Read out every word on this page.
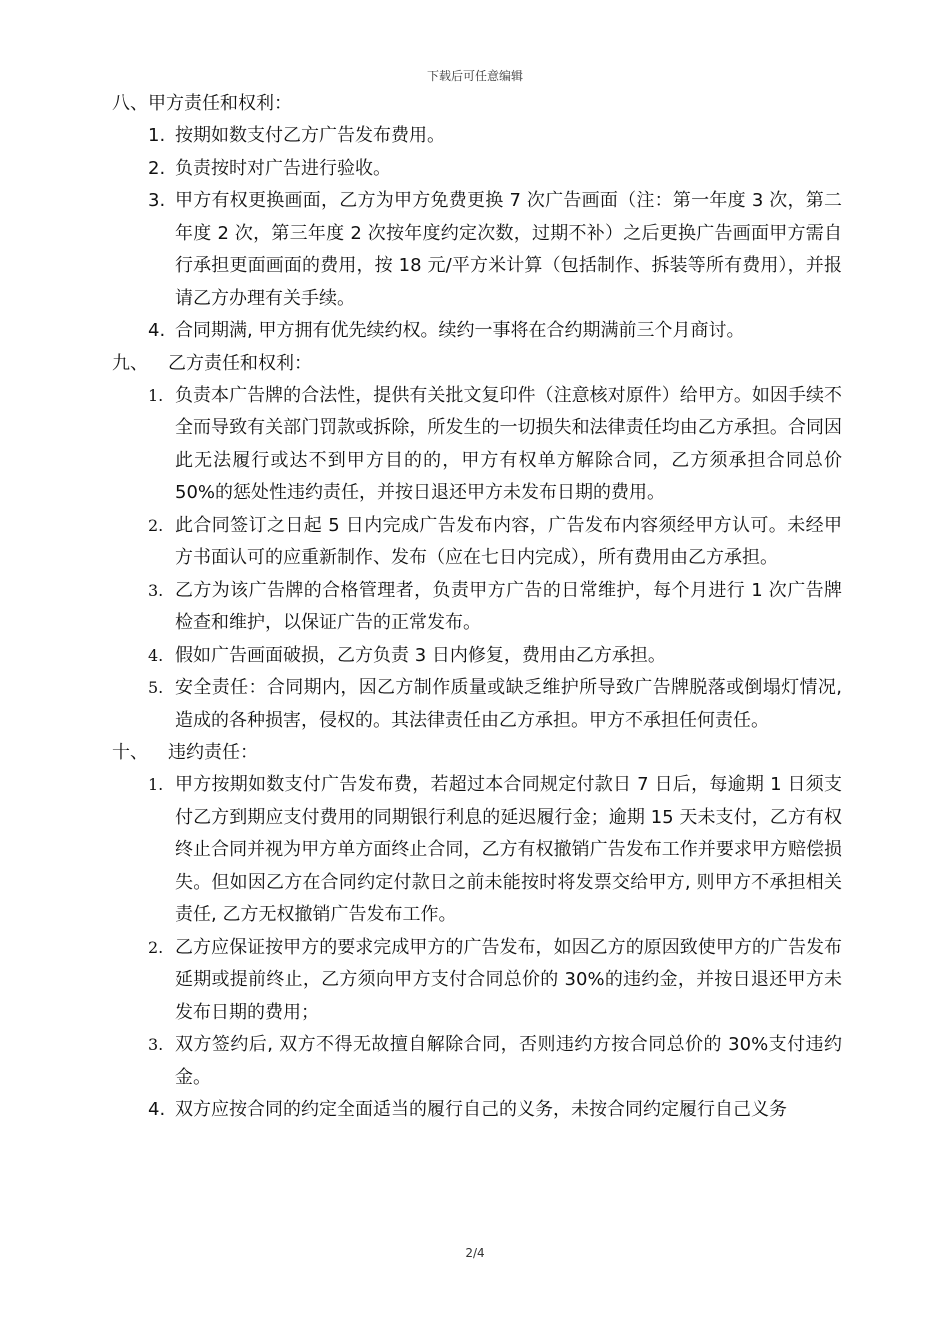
下载后可任意编辑
八、甲方责任和权利：
1. 按期如数支付乙方广告发布费用。
2. 负责按时对广告进行验收。
3. 甲方有权更换画面，乙方为甲方免费更换 7 次广告画面（注：第一年度 3 次，第二年度 2 次，第三年度 2 次按年度约定次数，过期不补）之后更换广告画面甲方需自行承担更面画面的费用，按 18 元/平方米计算（包括制作、拆装等所有费用），并报请乙方办理有关手续。
4. 合同期满, 甲方拥有优先续约权。续约一事将在合约期满前三个月商讨。
九、 乙方责任和权利：
1. 负责本广告牌的合法性，提供有关批文复印件（注意核对原件）给甲方。如因手续不全而导致有关部门罚款或拆除，所发生的一切损失和法律责任均由乙方承担。合同因此无法履行或达不到甲方目的的，甲方有权单方解除合同，乙方须承担合同总价 50%的惩处性违约责任，并按日退还甲方未发布日期的费用。
2. 此合同签订之日起 5 日内完成广告发布内容，广告发布内容须经甲方认可。未经甲方书面认可的应重新制作、发布（应在七日内完成），所有费用由乙方承担。
3. 乙方为该广告牌的合格管理者，负责甲方广告的日常维护，每个月进行 1 次广告牌检查和维护，以保证广告的正常发布。
4. 假如广告画面破损，乙方负责 3 日内修复，费用由乙方承担。
5. 安全责任：合同期内，因乙方制作质量或缺乏维护所导致广告牌脱落或倒塌灯情况, 造成的各种损害，侵权的。其法律责任由乙方承担。甲方不承担任何责任。
十、 违约责任：
1. 甲方按期如数支付广告发布费，若超过本合同规定付款日 7 日后，每逾期 1 日须支付乙方到期应支付费用的同期银行利息的延迟履行金；逾期 15 天未支付，乙方有权终止合同并视为甲方单方面终止合同，乙方有权撤销广告发布工作并要求甲方赔偿损失。但如因乙方在合同约定付款日之前未能按时将发票交给甲方, 则甲方不承担相关责任, 乙方无权撤销广告发布工作。
2. 乙方应保证按甲方的要求完成甲方的广告发布，如因乙方的原因致使甲方的广告发布延期或提前终止，乙方须向甲方支付合同总价的 30%的违约金，并按日退还甲方未发布日期的费用；
3. 双方签约后, 双方不得无故擅自解除合同，否则违约方按合同总价的 30%支付违约金。
4. 双方应按合同的约定全面适当的履行自己的义务，未按合同约定履行自己义务
2/4
